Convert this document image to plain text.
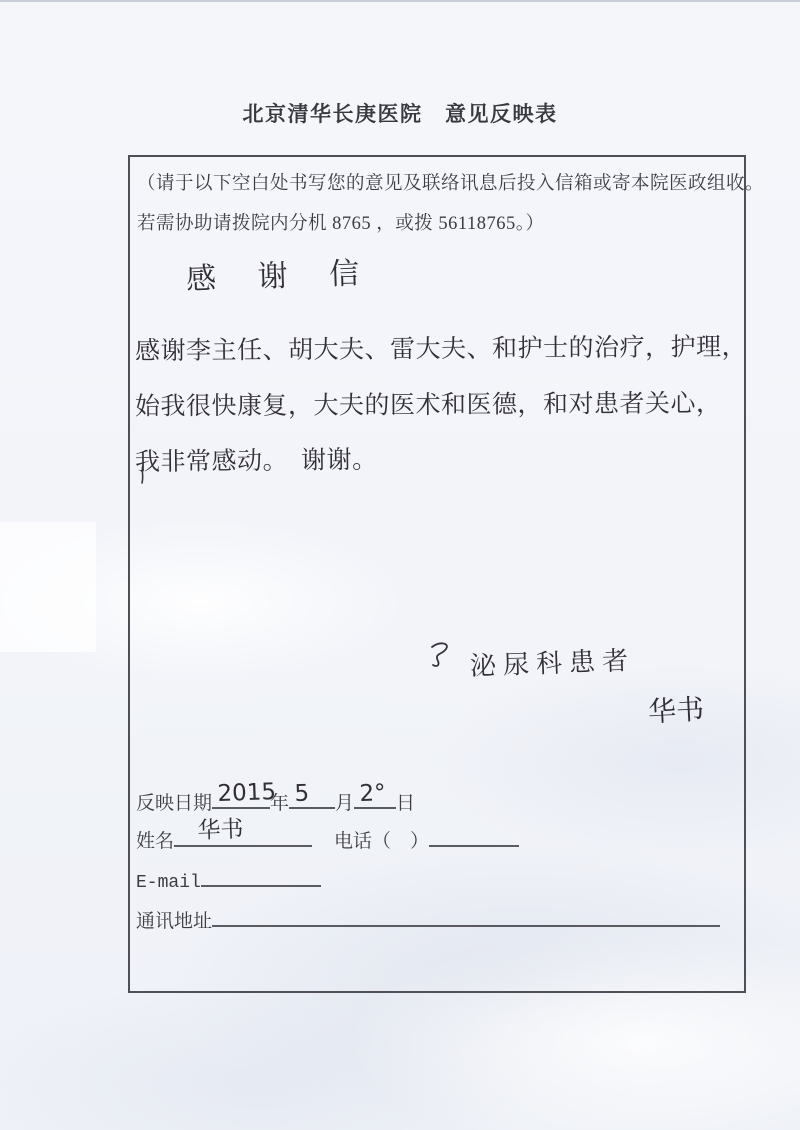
北京清华长庚医院　意见反映表
（请于以下空白处书写您的意见及联络讯息后投入信箱或寄本院医政组收。
若需协助请拨院内分机 8765 ，或拨 56118765。）
感 谢 信
感谢李主任、胡大夫、雷大夫、和护士的治疗，护理，
始我很快康复，大夫的医术和医德，和对患者关心，
我非常感动。　谢谢。
泌尿科患者
华书
反映日期 2015
年 5 月 2° 日
姓名 华书	电话（　）
E-mail
通讯地址
